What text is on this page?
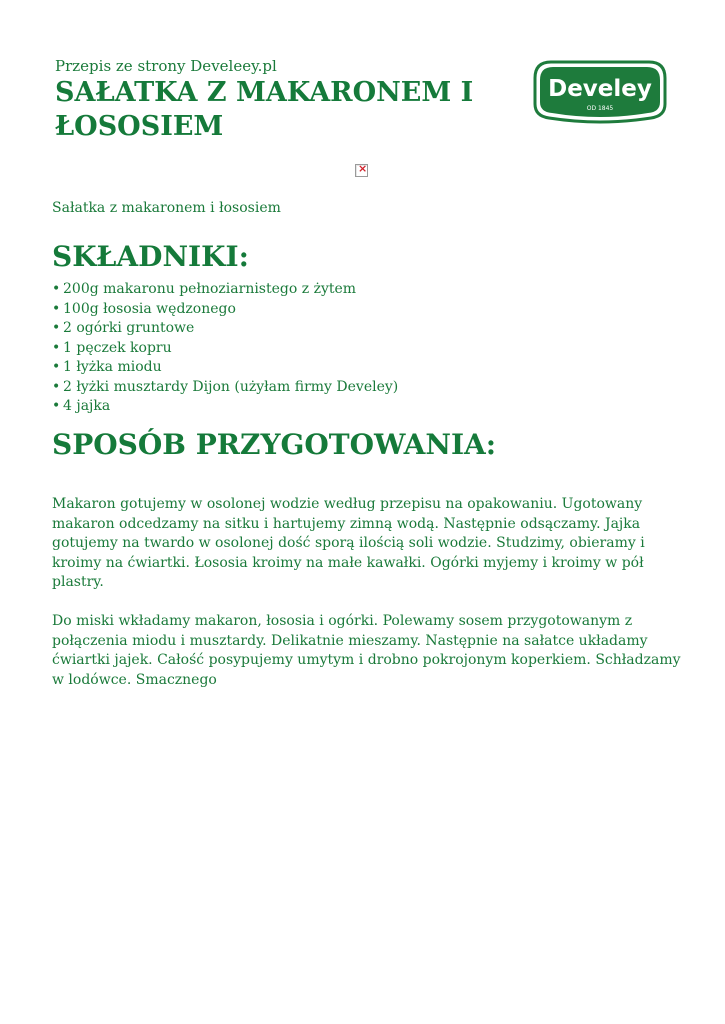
Przepis ze strony Develeey.pl

SAŁATKA Z MAKARONEM I ŁOSOSIEM
Develey
OD 1845
×

Sałatka z makaronem i łososiem

SKŁADNIKI:
• 200g makaronu pełnoziarnistego z żytem
• 100g łososia wędzonego
• 2 ogórki gruntowe
• 1 pęczek kopru
• 1 łyżka miodu
• 2 łyżki musztardy Dijon (użyłam firmy Develey)
• 4 jajka
SPOSÓB PRZYGOTOWANIA:

Makaron gotujemy w osolonej wodzie według przepisu na opakowaniu. Ugotowany makaron odcedzamy na sitku i hartujemy zimną wodą. Następnie odsączamy. Jajka gotujemy na twardo w osolonej dość sporą ilością soli wodzie. Studzimy, obieramy i kroimy na ćwiartki. Łososia kroimy na małe kawałki. Ogórki myjemy i kroimy w pół plastry.

Do miski wkładamy makaron, łososia i ogórki. Polewamy sosem przygotowanym z połączenia miodu i musztardy. Delikatnie mieszamy. Następnie na sałatce układamy ćwiartki jajek. Całość posypujemy umytym i drobno pokrojonym koperkiem. Schładzamy w lodówce. Smacznego
